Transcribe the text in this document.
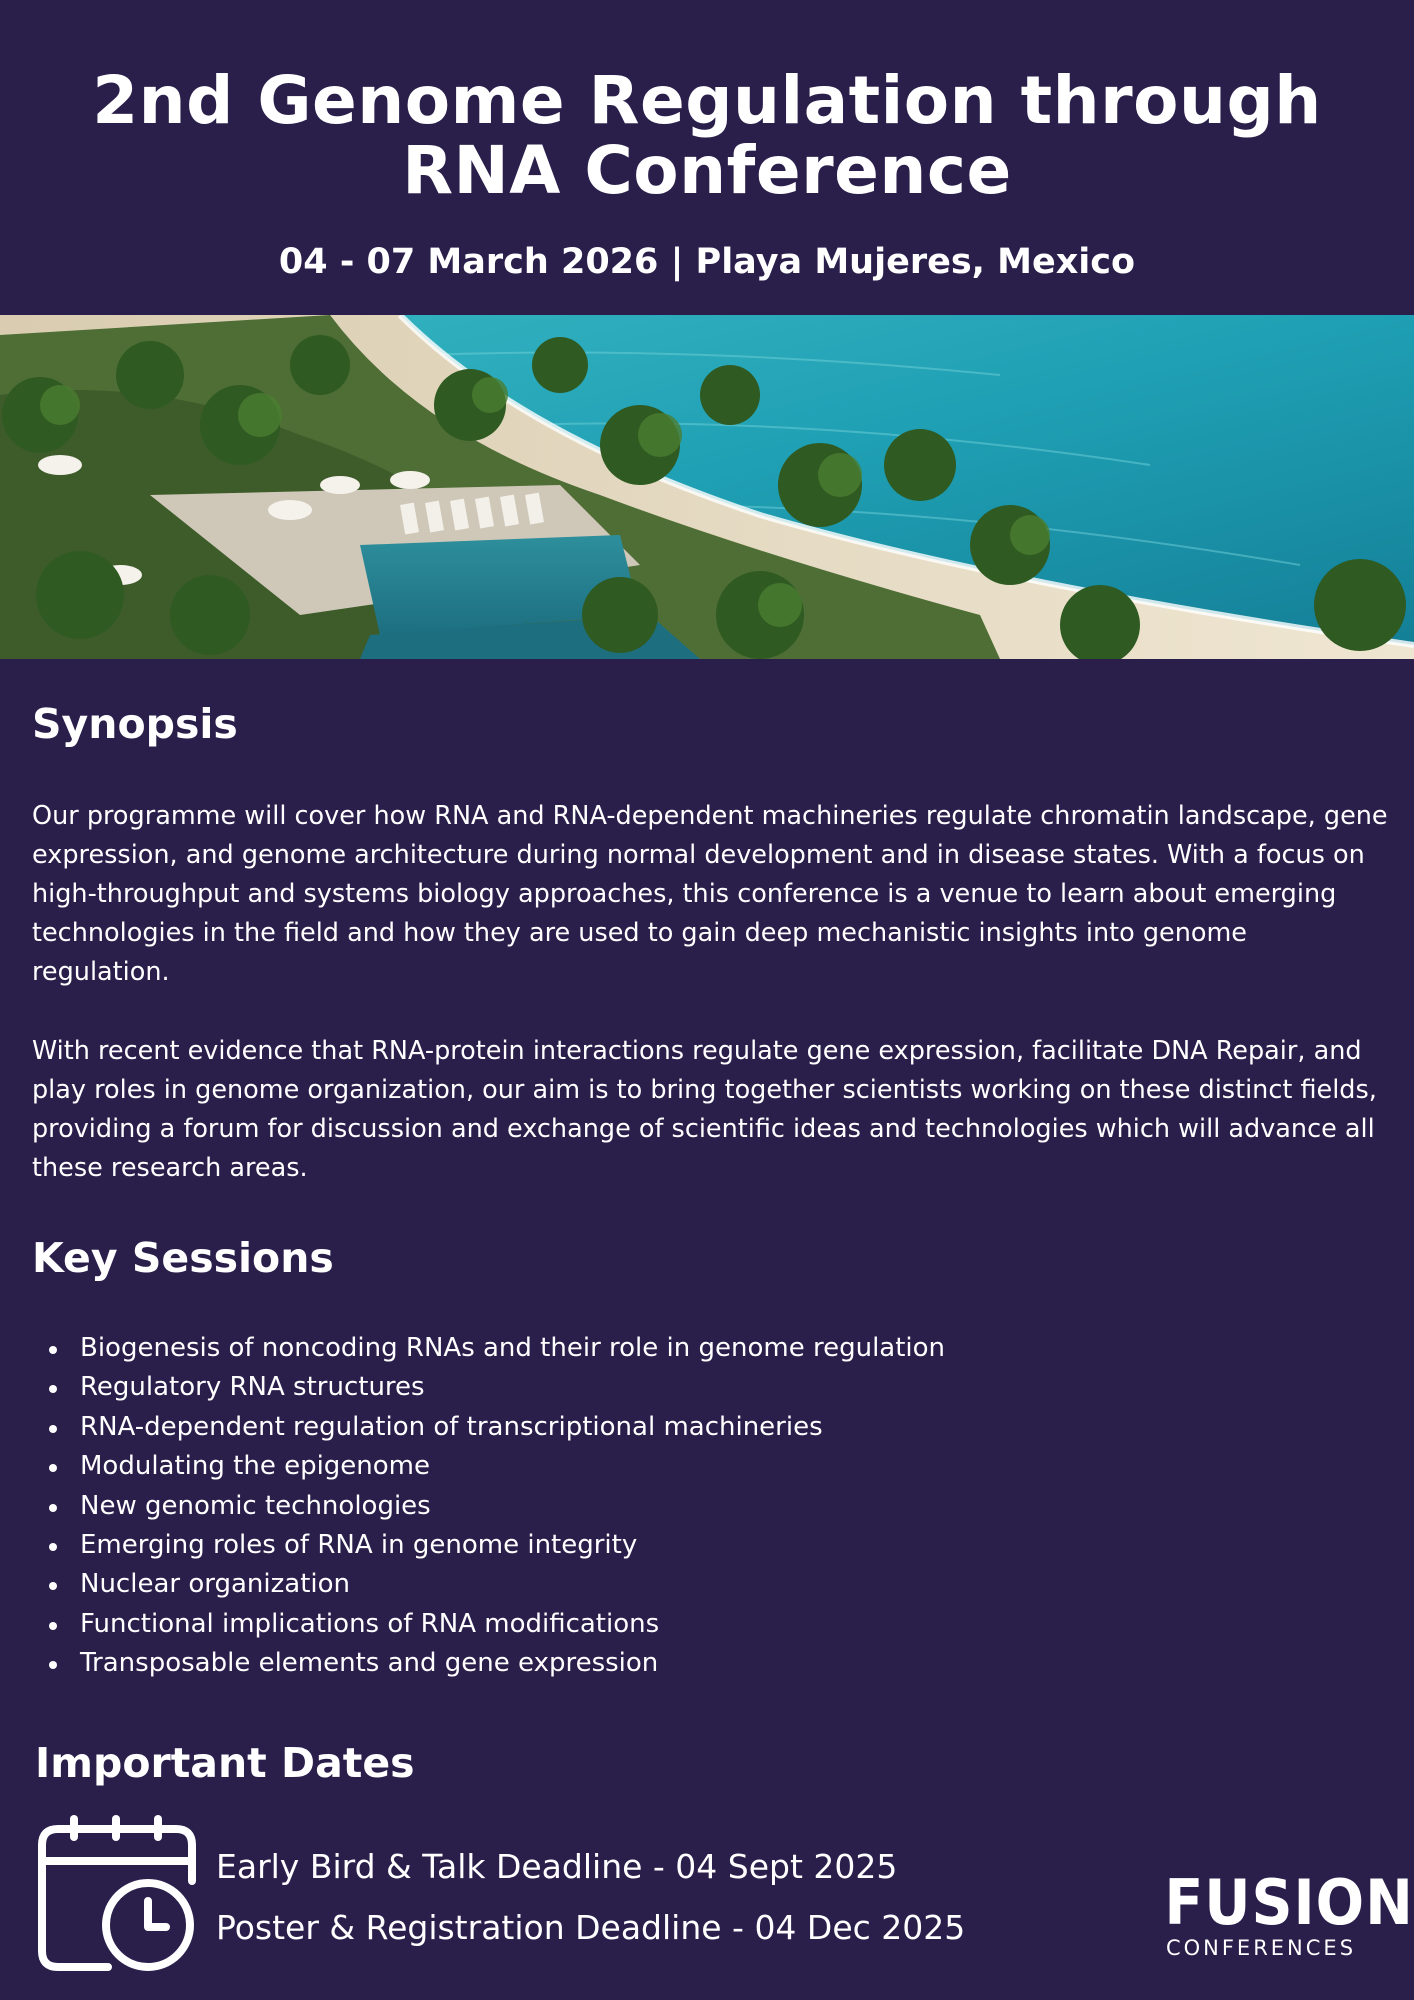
2nd Genome Regulation through
RNA Conference

04 - 07 March 2026 | Playa Mujeres, Mexico

Synopsis

Our programme will cover how RNA and RNA-dependent machineries regulate chromatin landscape, gene expression, and genome architecture during normal development and in disease states. With a focus on high-throughput and systems biology approaches, this conference is a venue to learn about emerging technologies in the field and how they are used to gain deep mechanistic insights into genome regulation.

With recent evidence that RNA-protein interactions regulate gene expression, facilitate DNA Repair, and play roles in genome organization, our aim is to bring together scientists working on these distinct fields, providing a forum for discussion and exchange of scientific ideas and technologies which will advance all these research areas.

Key Sessions
Biogenesis of noncoding RNAs and their role in genome regulation
Regulatory RNA structures
RNA-dependent regulation of transcriptional machineries
Modulating the epigenome
New genomic technologies
Emerging roles of RNA in genome integrity
Nuclear organization
Functional implications of RNA modifications
Transposable elements and gene expression
Important Dates

Early Bird & Talk Deadline - 04 Sept 2025

Poster & Registration Deadline - 04 Dec 2025	FUSION
CONFERENCES
